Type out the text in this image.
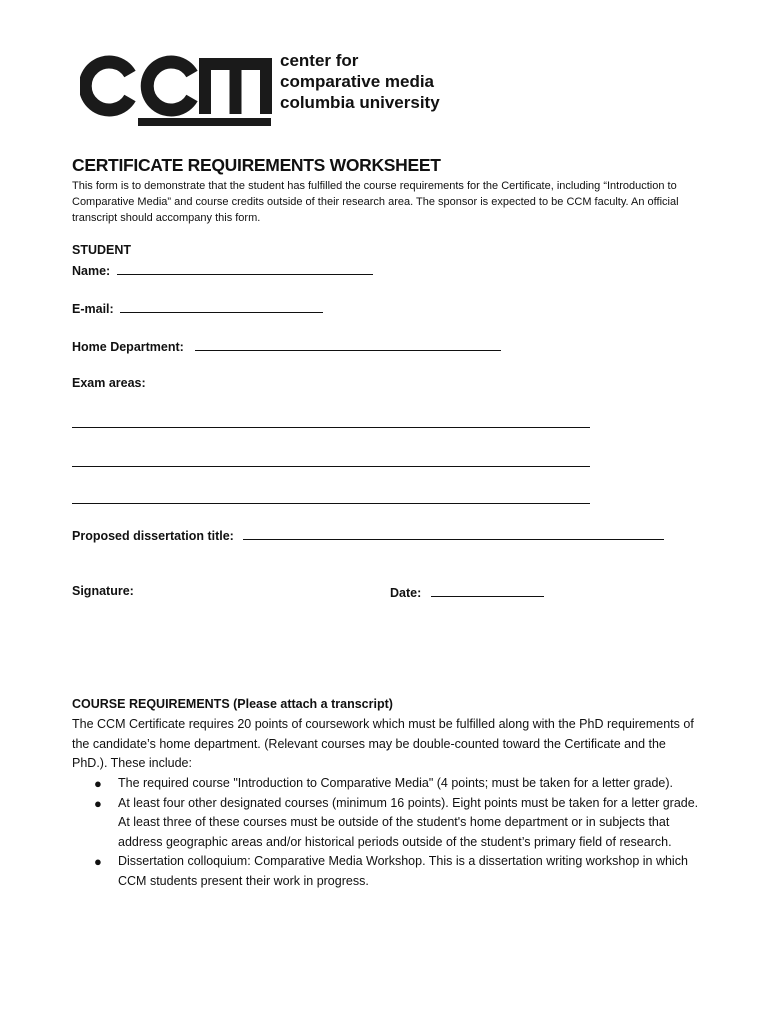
center for
comparative media
columbia university
CERTIFICATE REQUIREMENTS WORKSHEET

This form is to demonstrate that the student has fulfilled the course requirements for the Certificate, including “Introduction to Comparative Media” and course credits outside of their research area. The sponsor is expected to be CCM faculty. An official transcript should accompany this form.

STUDENT
Name:
E-mail:
Home Department:
Exam areas:
Proposed dissertation title:
Signature:	Date:
COURSE REQUIREMENTS (Please attach a transcript)

The CCM Certificate requires 20 points of coursework which must be fulfilled along with the PhD requirements of the candidate’s home department. (Relevant courses may be double-counted toward the Certificate and the PhD.). These include:

● The required course "Introduction to Comparative Media" (4 points; must be taken for a letter grade).
● At least four other designated courses (minimum 16 points). Eight points must be taken for a letter grade. At least three of these courses must be outside of the student's home department or in subjects that address geographic areas and/or historical periods outside of the student’s primary field of research.
● Dissertation colloquium: Comparative Media Workshop. This is a dissertation writing workshop in which CCM students present their work in progress.
